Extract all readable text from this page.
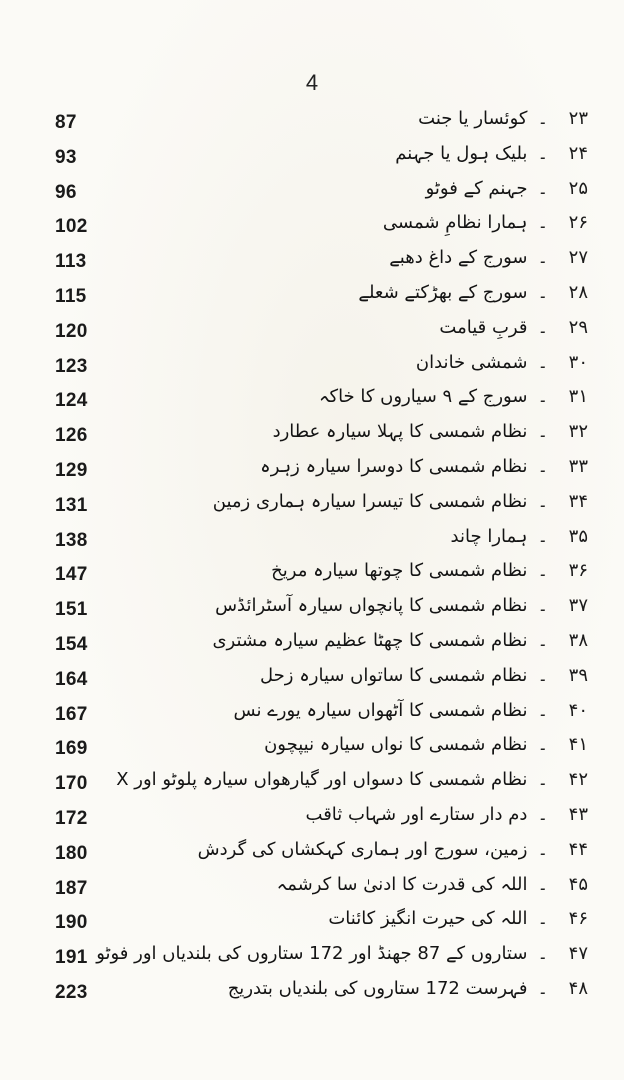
4
87	۲۳۔کوئسار یا جنت
93	۲۴۔بلیک ہول یا جہنم
96	۲۵۔جہنم کے فوٹو
102	۲۶۔ہمارا نظامِ شمسی
113	۲۷۔سورج کے داغ دھبے
115	۲۸۔سورج کے بھڑکتے شعلے
120	۲۹۔قربِ قیامت
123	۳۰۔شمشی خاندان
124	۳۱۔سورج کے ۹ سیاروں کا خاکہ
126	۳۲۔نظام شمسی کا پہلا سیارہ عطارد
129	۳۳۔نظام شمسی کا دوسرا سیارہ زہرہ
131	۳۴۔نظام شمسی کا تیسرا سیارہ ہماری زمین
138	۳۵۔ہمارا چاند
147	۳۶۔نظام شمسی کا چوتھا سیارہ مریخ
151	۳۷۔نظام شمسی کا پانچواں سیارہ آسٹرائڈس
154	۳۸۔نظام شمسی کا چھٹا عظیم سیارہ مشتری
164	۳۹۔نظام شمسی کا ساتواں سیارہ زحل
167	۴۰۔نظام شمسی کا آٹھواں سیارہ یورے نس
169	۴۱۔نظام شمسی کا نواں سیارہ نیپچون
170	۴۲۔نظام شمسی کا دسواں اور گیارھواں سیارہ پلوٹو اور X
172	۴۳۔دم دار ستارے اور شہاب ثاقب
180	۴۴۔زمین، سورج اور ہماری کہکشاں کی گردش
187	۴۵۔اللہ کی قدرت کا ادنیٰ سا کرشمہ
190	۴۶۔اللہ کی حیرت انگیز کائنات
191	۴۷۔ستاروں کے 87 جھنڈ اور 172 ستاروں کی بلندیاں اور فوٹو
223	۴۸۔فہرست 172 ستاروں کی بلندیاں بتدریج
